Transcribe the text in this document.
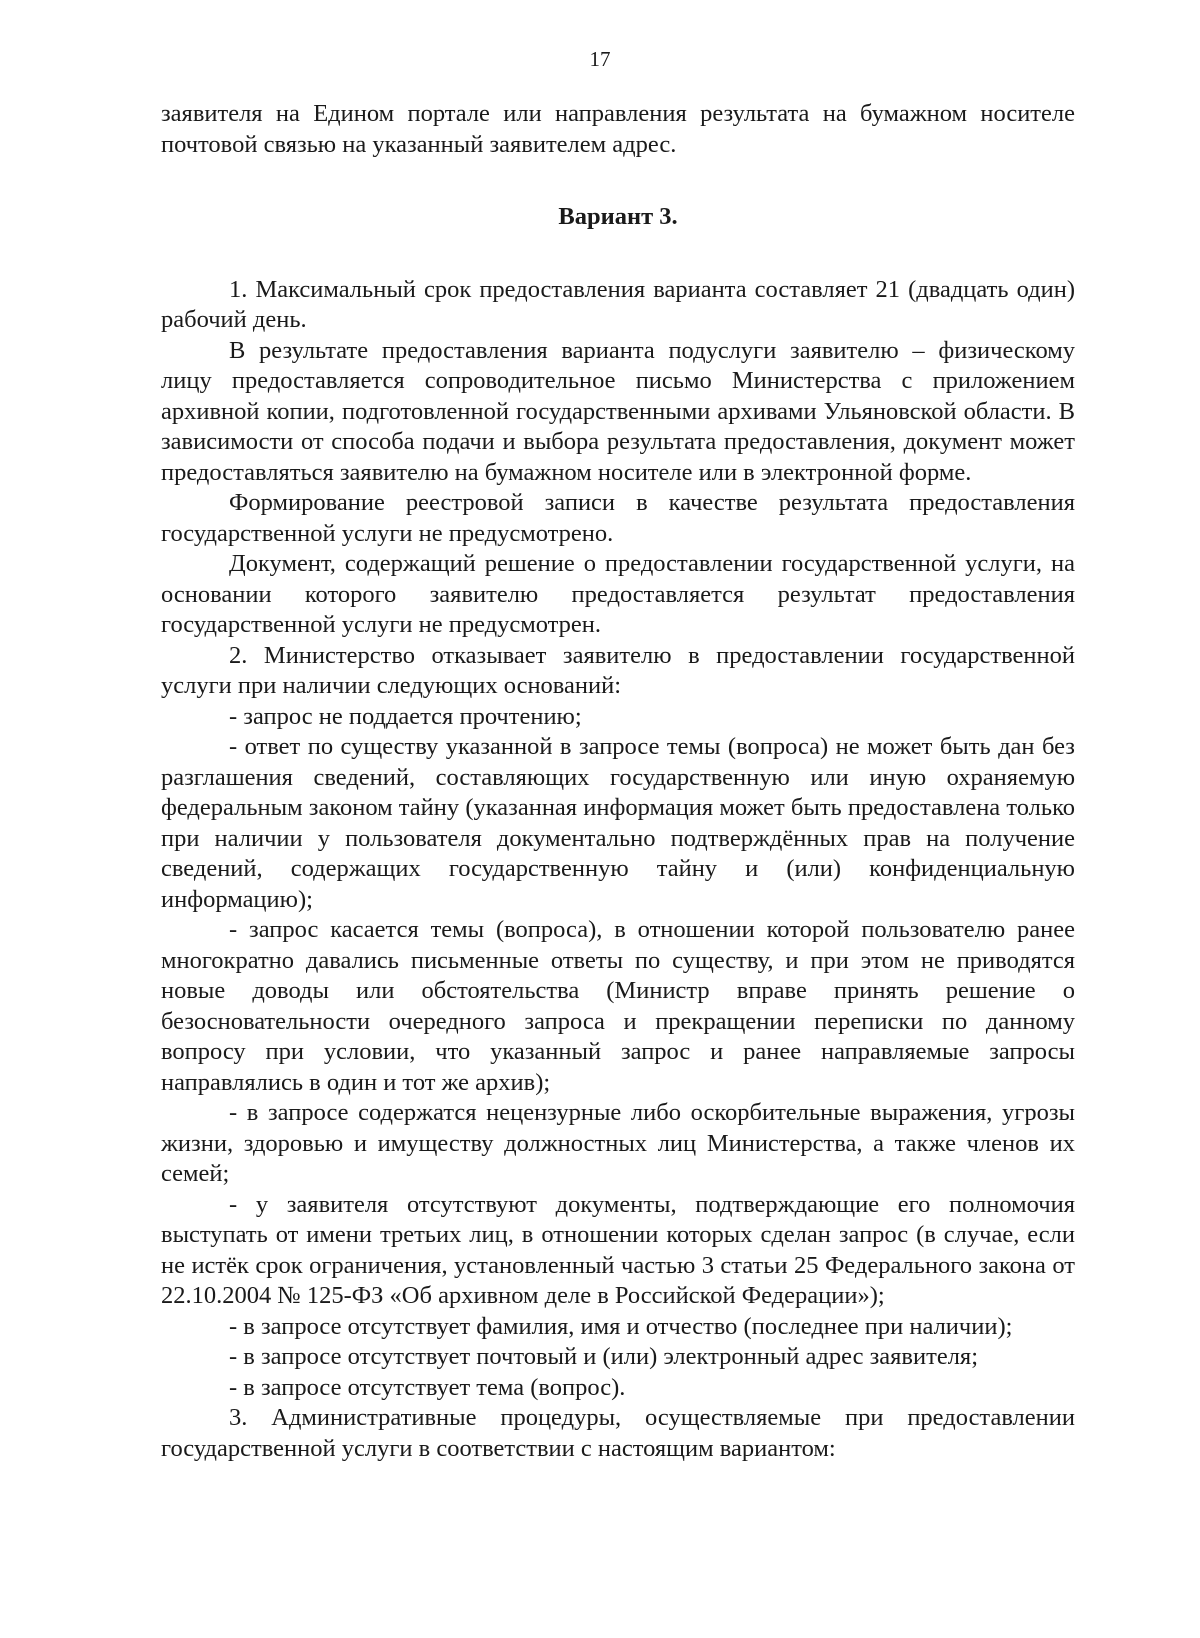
17

заявителя на Едином портале или направления результата на бумажном носителе почтовой связью на указанный заявителем адрес.

Вариант 3.

1. Максимальный срок предоставления варианта составляет 21 (двадцать один) рабочий день.

В результате предоставления варианта подуслуги заявителю – физическому лицу предоставляется сопроводительное письмо Министерства с приложением архивной копии, подготовленной государственными архивами Ульяновской области. В зависимости от способа подачи и выбора результата предоставления, документ может предоставляться заявителю на бумажном носителе или в электронной форме.

Формирование реестровой записи в качестве результата предоставления государственной услуги не предусмотрено.

Документ, содержащий решение о предоставлении государственной услуги, на основании которого заявителю предоставляется результат предоставления государственной услуги не предусмотрен.

2. Министерство отказывает заявителю в предоставлении государственной услуги при наличии следующих оснований:

- запрос не поддается прочтению;

- ответ по существу указанной в запросе темы (вопроса) не может быть дан без разглашения сведений, составляющих государственную или иную охраняемую федеральным законом тайну (указанная информация может быть предоставлена только при наличии у пользователя документально подтверждённых прав на получение сведений, содержащих государственную тайну и (или) конфиденциальную информацию);

- запрос касается темы (вопроса), в отношении которой пользователю ранее многократно давались письменные ответы по существу, и при этом не приводятся новые доводы или обстоятельства (Министр вправе принять решение о безосновательности очередного запроса и прекращении переписки по данному вопросу при условии, что указанный запрос и ранее направляемые запросы направлялись в один и тот же архив);

- в запросе содержатся нецензурные либо оскорбительные выражения, угрозы жизни, здоровью и имуществу должностных лиц Министерства, а также членов их семей;

- у заявителя отсутствуют документы, подтверждающие его полномочия выступать от имени третьих лиц, в отношении которых сделан запрос (в случае, если не истёк срок ограничения, установленный частью 3 статьи 25 Федерального закона от 22.10.2004 № 125-ФЗ «Об архивном деле в Российской Федерации»);

- в запросе отсутствует фамилия, имя и отчество (последнее при наличии);

- в запросе отсутствует почтовый и (или) электронный адрес заявителя;

- в запросе отсутствует тема (вопрос).

3. Административные процедуры, осуществляемые при предоставлении государственной услуги в соответствии с настоящим вариантом:
